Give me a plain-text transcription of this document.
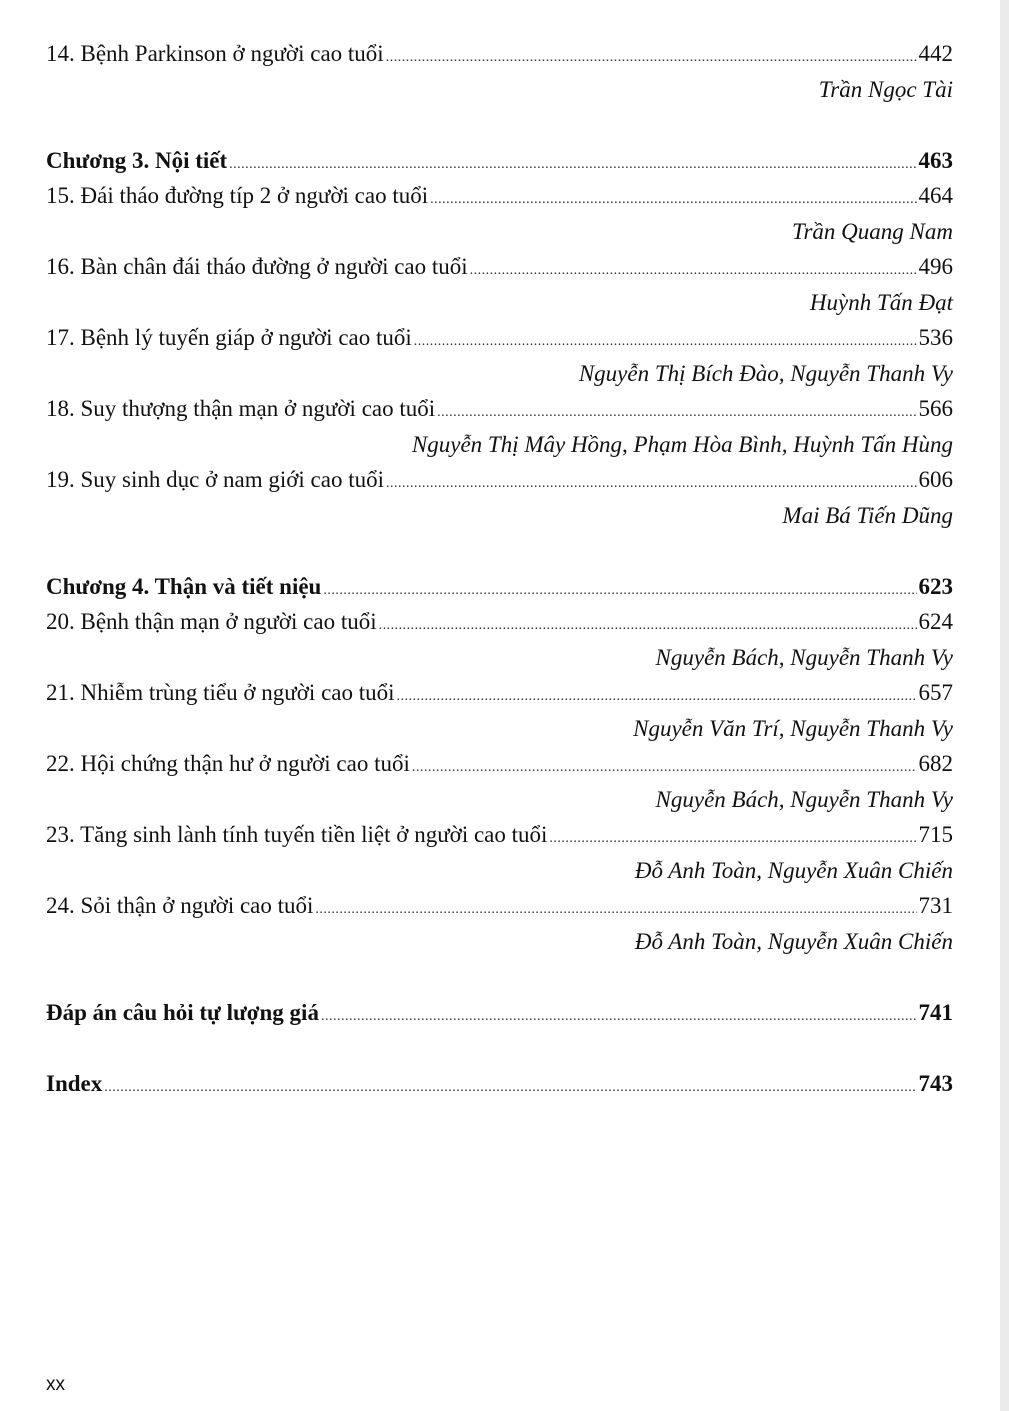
14. Bệnh Parkinson ở người cao tuổi .....	442
Trần Ngọc Tài
Chương 3. Nội tiết .....	463
15. Đái tháo đường típ 2 ở người cao tuổi .....	464
Trần Quang Nam
16. Bàn chân đái tháo đường ở người cao tuổi .....	496
Huỳnh Tấn Đạt
17. Bệnh lý tuyến giáp ở người cao tuổi .....	536
Nguyễn Thị Bích Đào, Nguyễn Thanh Vy
18. Suy thượng thận mạn ở người cao tuổi .....	566
Nguyễn Thị Mây Hồng, Phạm Hòa Bình, Huỳnh Tấn Hùng
19. Suy sinh dục ở nam giới cao tuổi .....	606
Mai Bá Tiến Dũng
Chương 4. Thận và tiết niệu .....	623
20. Bệnh thận mạn ở người cao tuổi .....	624
Nguyễn Bách, Nguyễn Thanh Vy
21. Nhiễm trùng tiểu ở người cao tuổi .....	657
Nguyễn Văn Trí, Nguyễn Thanh Vy
22. Hội chứng thận hư ở người cao tuổi .....	682
Nguyễn Bách, Nguyễn Thanh Vy
23. Tăng sinh lành tính tuyến tiền liệt ở người cao tuổi .....	715
Đỗ Anh Toàn, Nguyễn Xuân Chiến
24. Sỏi thận ở người cao tuổi .....	731
Đỗ Anh Toàn, Nguyễn Xuân Chiến
Đáp án câu hỏi tự lượng giá .....	741
Index .....	743
xx
